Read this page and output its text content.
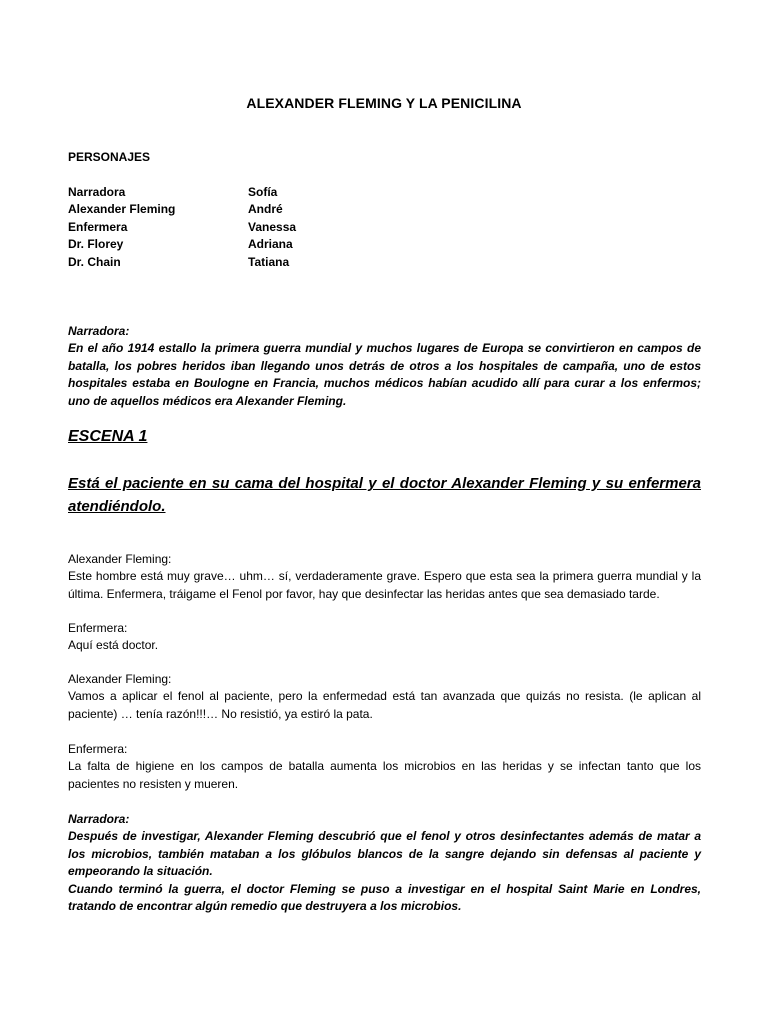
ALEXANDER FLEMING Y LA PENICILINA
PERSONAJES
Narradora	Sofía
Alexander Fleming	André
Enfermera	Vanessa
Dr. Florey	Adriana
Dr. Chain	Tatiana
Narradora:
En el año 1914 estallo la primera guerra mundial y muchos lugares de Europa se convirtieron en campos de batalla, los pobres heridos iban llegando unos detrás de otros a los hospitales de campaña, uno de estos hospitales estaba en Boulogne en Francia, muchos médicos habían acudido allí para curar a los enfermos; uno de aquellos médicos era Alexander Fleming.
ESCENA 1
Está el paciente en su cama del hospital y el doctor Alexander Fleming y su enfermera atendiéndolo.
Alexander Fleming:
Este hombre está muy grave… uhm… sí, verdaderamente grave. Espero que esta sea la primera guerra mundial y la última. Enfermera, tráigame el Fenol por favor, hay que desinfectar las heridas antes que sea demasiado tarde.
Enfermera:
Aquí está doctor.
Alexander Fleming:
Vamos a aplicar el fenol al paciente, pero la enfermedad está tan avanzada que quizás no resista. (le aplican al paciente) … tenía razón!!!… No resistió, ya estiró la pata.
Enfermera:
La falta de higiene en los campos de batalla aumenta los microbios en las heridas y se infectan tanto que los pacientes no resisten y mueren.
Narradora:
Después de investigar, Alexander Fleming descubrió que el fenol y otros desinfectantes además de matar a los microbios, también mataban a los glóbulos blancos de la sangre dejando sin defensas al paciente y empeorando la situación.
Cuando terminó la guerra, el doctor Fleming se puso a investigar en el hospital Saint Marie en Londres, tratando de encontrar algún remedio que destruyera a los microbios.
